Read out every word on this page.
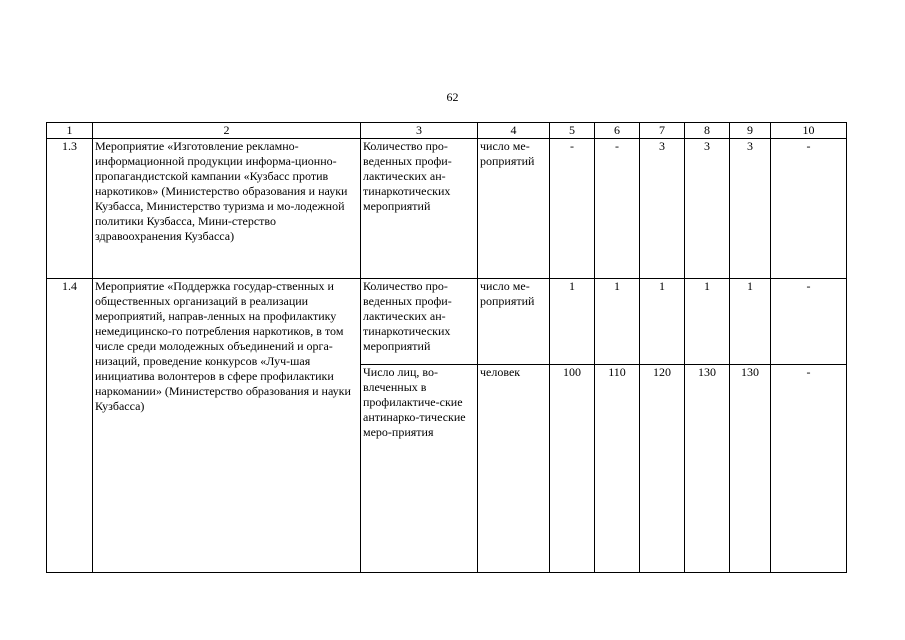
62
1	2	3	4	5	6	7	8	9	10
1.3	Мероприятие «Изготовление рекламно-информационной продукции информа-ционно-пропагандистской кампании «Кузбасс против наркотиков» (Министерство образования и науки Кузбасса, Министерство туризма и мо-лодежной политики Кузбасса, Мини-стерство здравоохранения Кузбасса)	Количество про-веденных профи-лактических ан-тинаркотических мероприятий	число ме-роприятий	-	-	3	3	3	-
1.4	Мероприятие «Поддержка государ-ственных и общественных организаций в реализации мероприятий, направ-ленных на профилактику немедицинско-го потребления наркотиков, в том числе среди молодежных объединений и орга-низаций, проведение конкурсов «Луч-шая инициатива волонтеров в сфере профилактики наркомании» (Министерство образования и науки Кузбасса)	Количество про-веденных профи-лактических ан-тинаркотических мероприятий	число ме-роприятий	1	1	1	1	1	-
		Число лиц, во-влеченных в профилактиче-ские антинарко-тические меро-приятия	человек	100	110	120	130	130	-
